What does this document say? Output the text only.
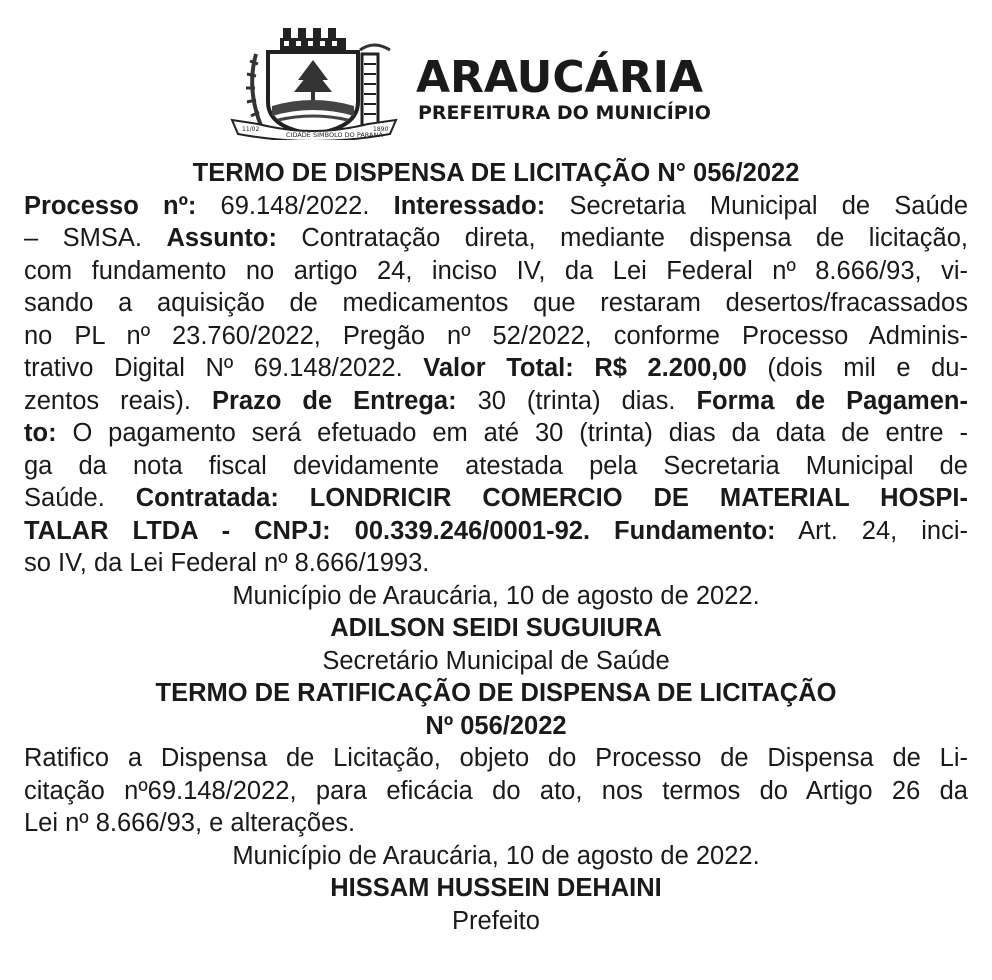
11/02
CIDADE SÍMBOLO DO PARANÁ
1890
ARAUCÁRIA
PREFEITURA DO MUNICÍPIO

TERMO DE DISPENSA DE LICITAÇÃO N° 056/2022

Processo nº: 69.148/2022. Interessado: Secretaria Municipal de Saúde
– SMSA. Assunto: Contratação direta, mediante dispensa de licitação,
com fundamento no artigo 24, inciso IV, da Lei Federal nº 8.666/93, vi-
sando a aquisição de medicamentos que restaram desertos/fracassados
no PL nº 23.760/2022, Pregão nº 52/2022, conforme Processo Adminis-
trativo Digital Nº 69.148/2022. Valor Total: R$ 2.200,00 (dois mil e du-
zentos reais). Prazo de Entrega: 30 (trinta) dias. Forma de Pagamen-
to: O pagamento será efetuado em até 30 (trinta) dias da data de entre -
ga da nota fiscal devidamente atestada pela Secretaria Municipal de
Saúde. Contratada: LONDRICIR COMERCIO DE MATERIAL HOSPI-
TALAR LTDA - CNPJ: 00.339.246/0001-92. Fundamento: Art. 24, inci-
so IV, da Lei Federal nº 8.666/1993.

Município de Araucária, 10 de agosto de 2022.

ADILSON SEIDI SUGUIURA

Secretário Municipal de Saúde

TERMO DE RATIFICAÇÃO DE DISPENSA DE LICITAÇÃO

Nº 056/2022

Ratifico a Dispensa de Licitação, objeto do Processo de Dispensa de Li-
citação nº69.148/2022, para eficácia do ato, nos termos do Artigo 26 da
Lei nº 8.666/93, e alterações.

Município de Araucária, 10 de agosto de 2022.

HISSAM HUSSEIN DEHAINI

Prefeito
